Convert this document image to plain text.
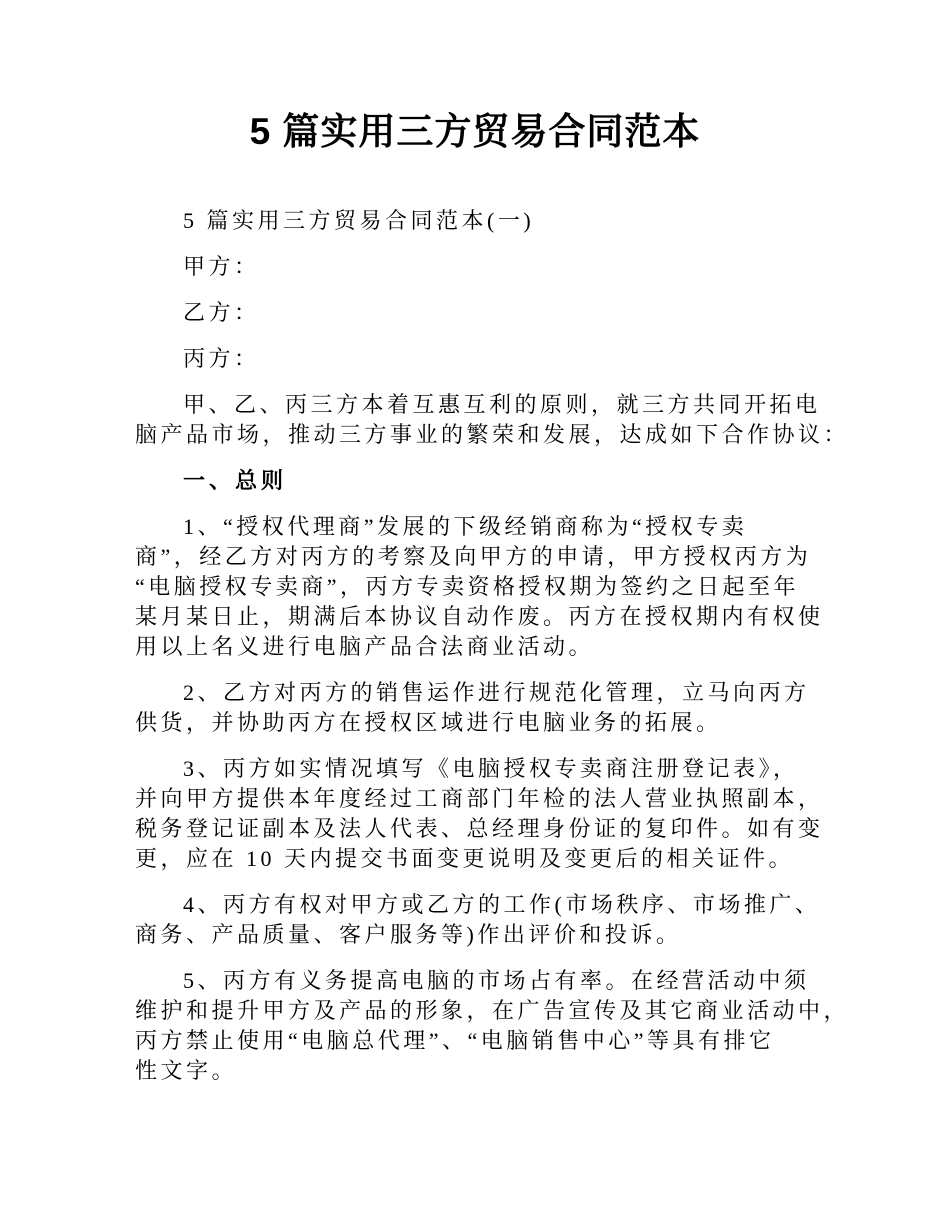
5 篇实用三方贸易合同范本
5 篇实用三方贸易合同范本(一)
甲方：
乙方：
丙方：
甲、乙、丙三方本着互惠互利的原则，就三方共同开拓电
脑产品市场，推动三方事业的繁荣和发展，达成如下合作协议：
一、总则
1、“授权代理商”发展的下级经销商称为“授权专卖
商”，经乙方对丙方的考察及向甲方的申请，甲方授权丙方为
“电脑授权专卖商”，丙方专卖资格授权期为签约之日起至年
某月某日止，期满后本协议自动作废。丙方在授权期内有权使
用以上名义进行电脑产品合法商业活动。
2、乙方对丙方的销售运作进行规范化管理，立马向丙方
供货，并协助丙方在授权区域进行电脑业务的拓展。
3、丙方如实情况填写《电脑授权专卖商注册登记表》，
并向甲方提供本年度经过工商部门年检的法人营业执照副本，
税务登记证副本及法人代表、总经理身份证的复印件。如有变
更，应在 10 天内提交书面变更说明及变更后的相关证件。
4、丙方有权对甲方或乙方的工作(市场秩序、市场推广、
商务、产品质量、客户服务等)作出评价和投诉。
5、丙方有义务提高电脑的市场占有率。在经营活动中须
维护和提升甲方及产品的形象，在广告宣传及其它商业活动中，
丙方禁止使用“电脑总代理”、“电脑销售中心”等具有排它
性文字。
